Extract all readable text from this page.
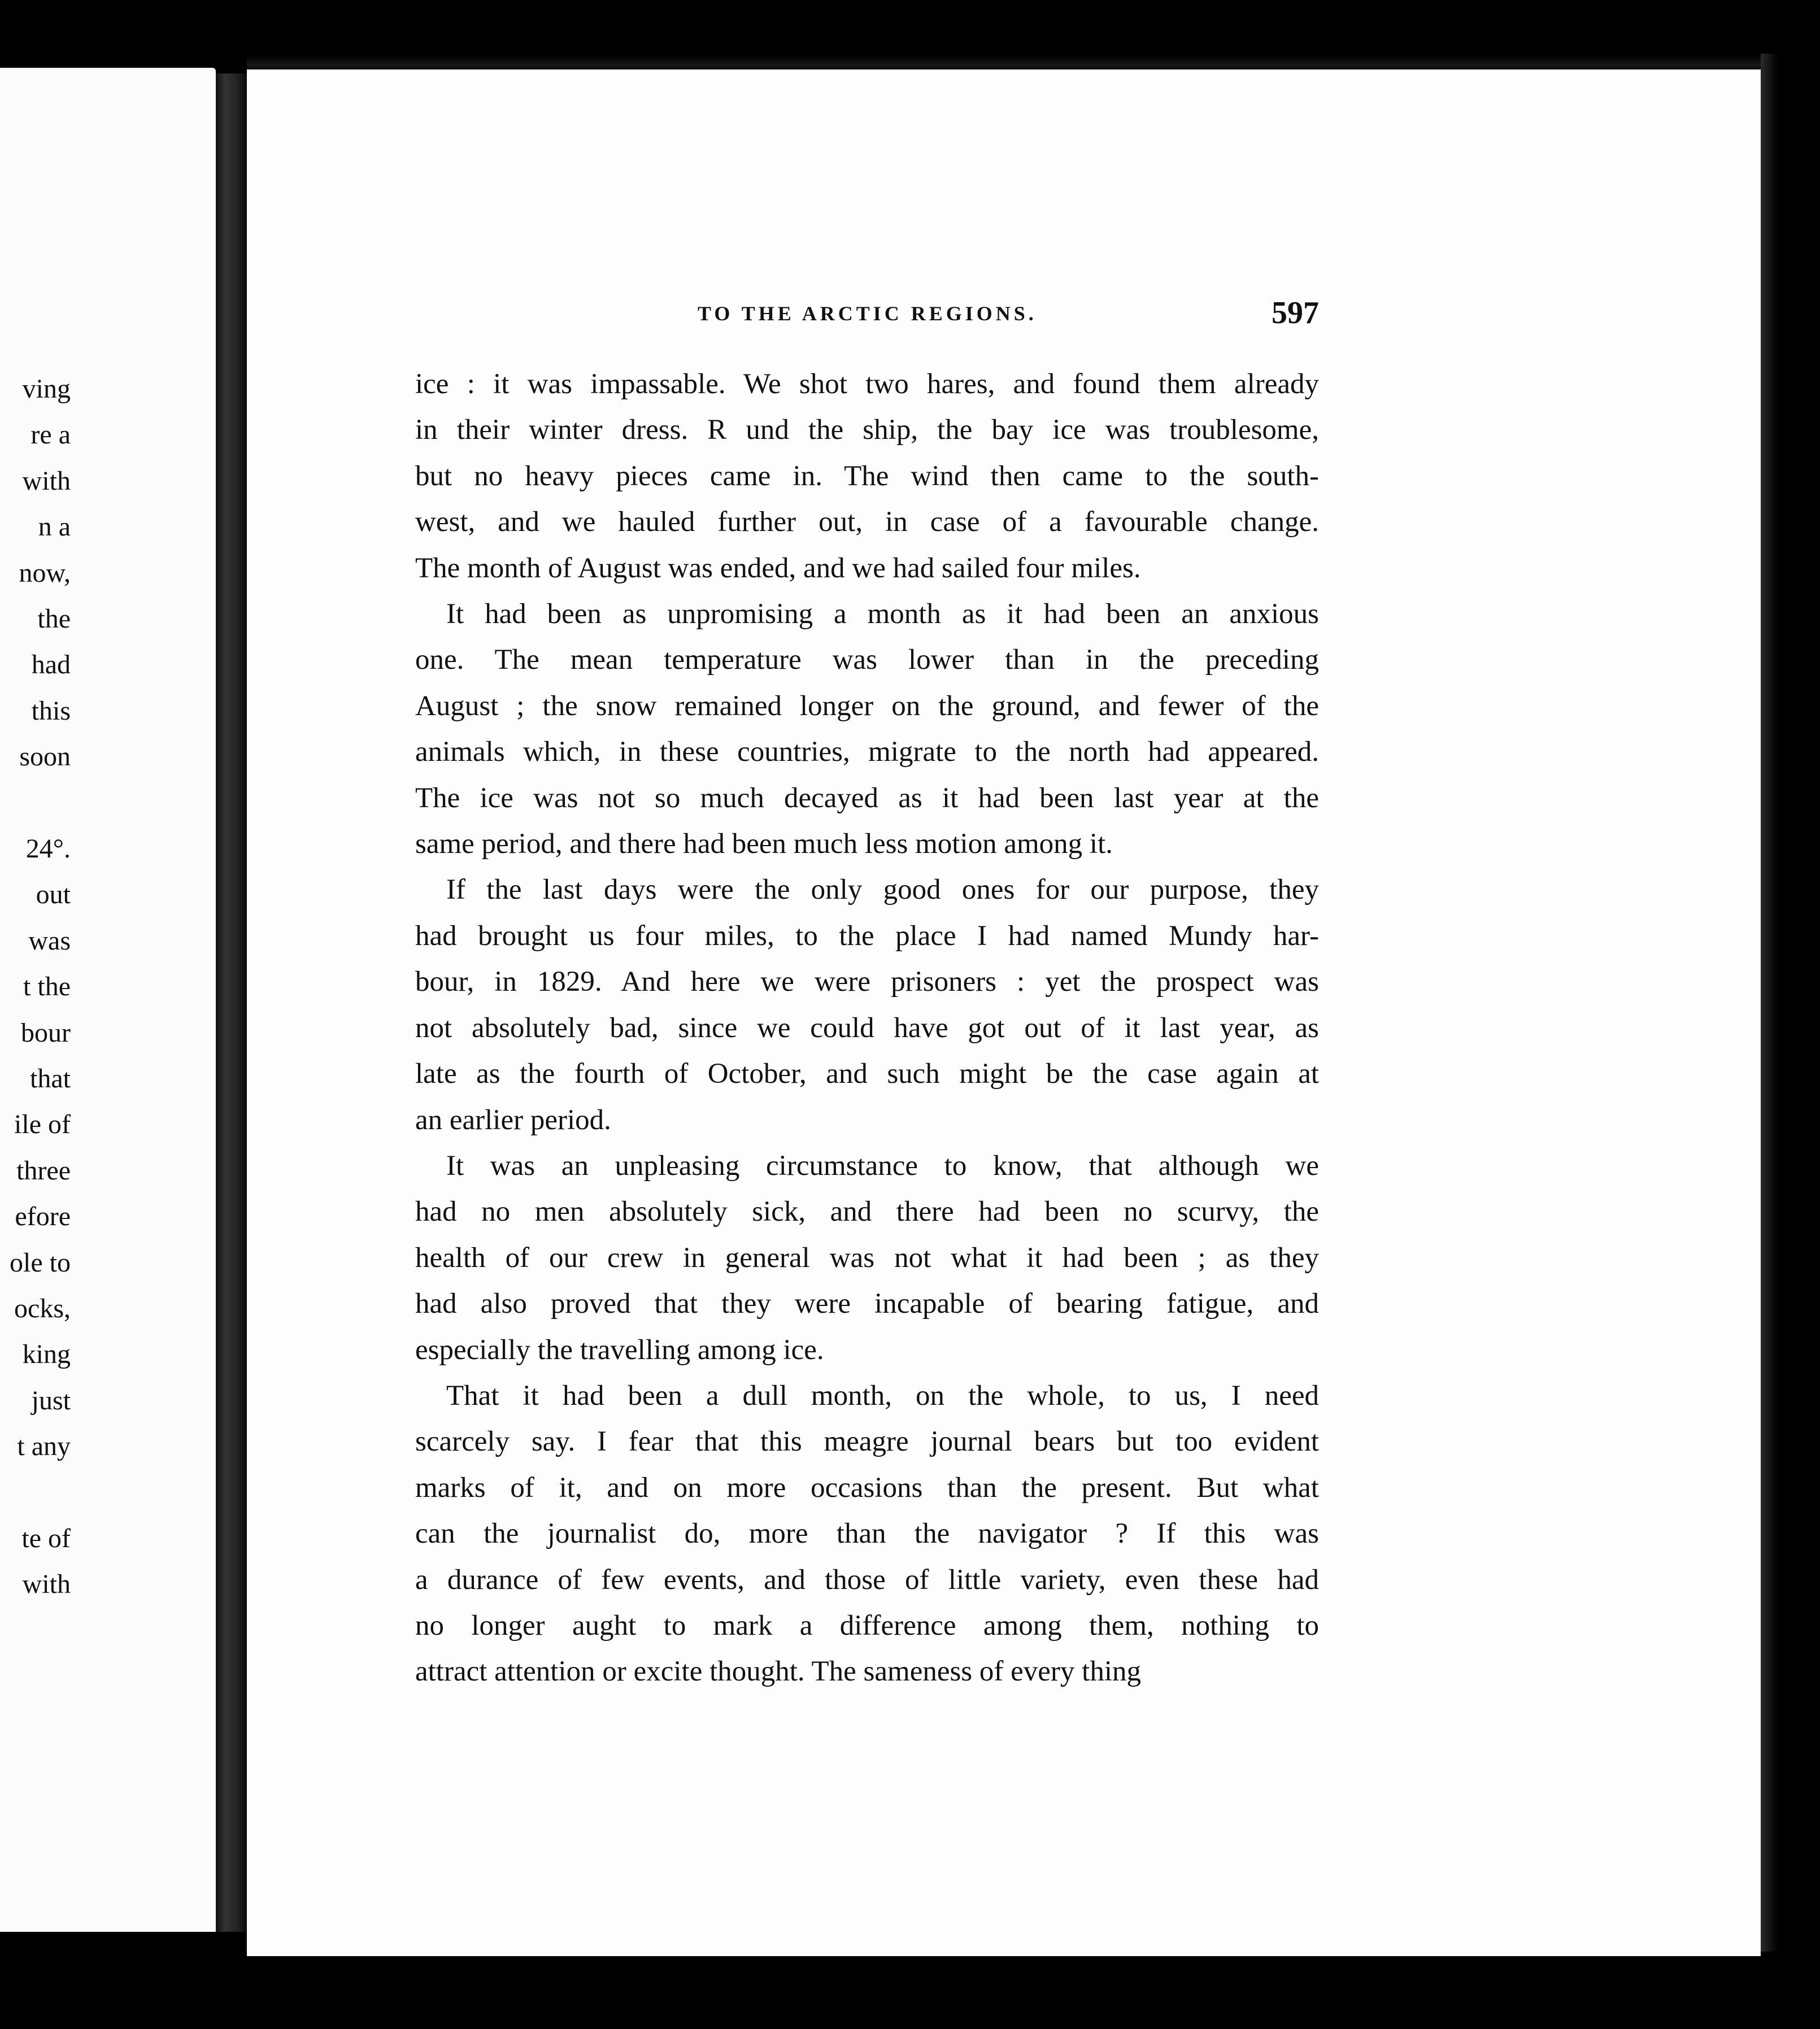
ving
re a
with
n a
now,
the
had
this
soon
24°.
out
was
t the
bour
that
ile of
three
efore
ole to
ocks,
king
just
t any
te of
with
TO THE ARCTIC REGIONS.	597
ice : it was impassable. We shot two hares, and found them already
in their winter dress. R und the ship, the bay ice was troublesome,
but no heavy pieces came in. The wind then came to the south-
west, and we hauled further out, in case of a favourable change.
The month of August was ended, and we had sailed four miles.
It had been as unpromising a month as it had been an anxious
one. The mean temperature was lower than in the preceding
August ; the snow remained longer on the ground, and fewer of the
animals which, in these countries, migrate to the north had appeared.
The ice was not so much decayed as it had been last year at the
same period, and there had been much less motion among it.
If the last days were the only good ones for our purpose, they
had brought us four miles, to the place I had named Mundy har-
bour, in 1829. And here we were prisoners : yet the prospect was
not absolutely bad, since we could have got out of it last year, as
late as the fourth of October, and such might be the case again at
an earlier period.
It was an unpleasing circumstance to know, that although we
had no men absolutely sick, and there had been no scurvy, the
health of our crew in general was not what it had been ; as they
had also proved that they were incapable of bearing fatigue, and
especially the travelling among ice.
That it had been a dull month, on the whole, to us, I need
scarcely say. I fear that this meagre journal bears but too evident
marks of it, and on more occasions than the present. But what
can the journalist do, more than the navigator ? If this was
a durance of few events, and those of little variety, even these had
no longer aught to mark a difference among them, nothing to
attract attention or excite thought. The sameness of every thing
